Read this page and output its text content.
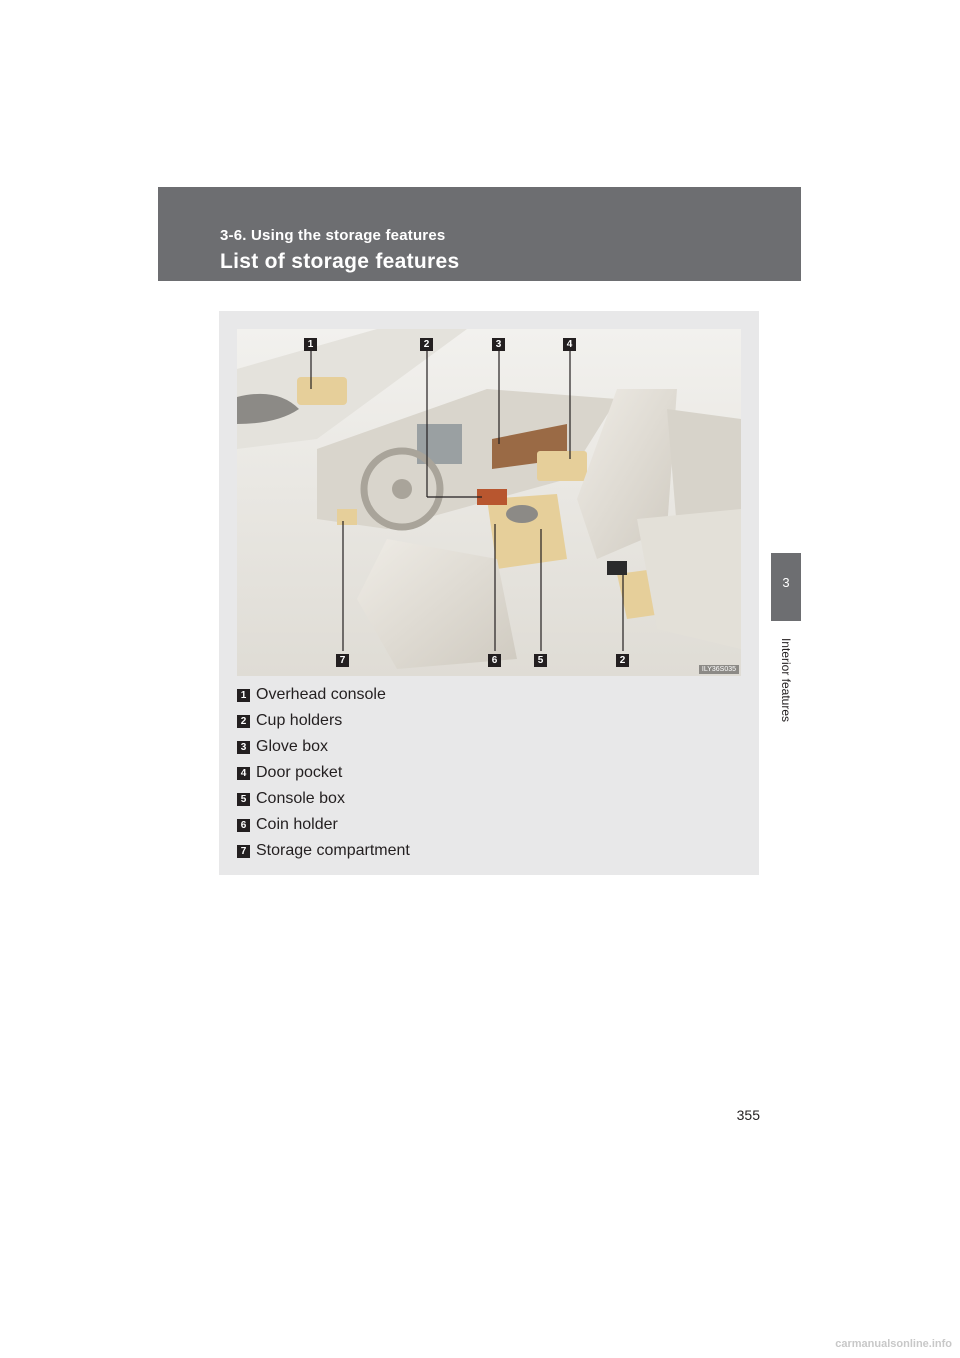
3-6. Using the storage features
List of storage features
3
Interior features
1	2	3	4
7	6	5	2
ILY36S035
1 Overhead console
2 Cup holders
3 Glove box
4 Door pocket
5 Console box
6 Coin holder
7 Storage compartment
355
carmanualsonline.info
